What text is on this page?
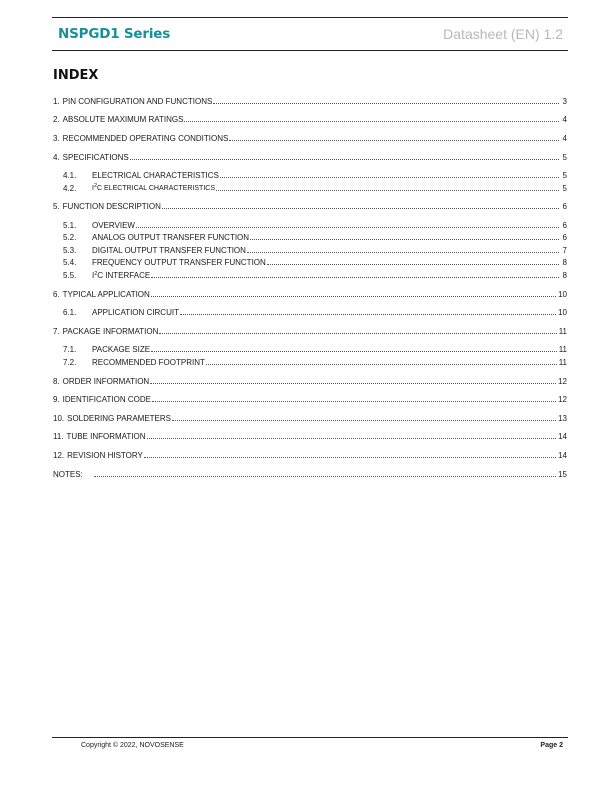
NSPGD1 Series	Datasheet (EN) 1.2
INDEX
1. PIN CONFIGURATION AND FUNCTIONS	3
2. ABSOLUTE MAXIMUM RATINGS	4
3. RECOMMENDED OPERATING CONDITIONS	4
4. SPECIFICATIONS	5
4.1.	ELECTRICAL CHARACTERISTICS	5
4.2.	$I^2C$ ELECTRICAL CHARACTERISTICS	5
5. FUNCTION DESCRIPTION	6
5.1.	OVERVIEW	6
5.2.	ANALOG OUTPUT TRANSFER FUNCTION	6
5.3.	DIGITAL OUTPUT TRANSFER FUNCTION	7
5.4.	FREQUENCY OUTPUT TRANSFER FUNCTION	8
5.5.	$I^2C$ INTERFACE	8
6. TYPICAL APPLICATION	10
6.1.	APPLICATION CIRCUIT	10
7. PACKAGE INFORMATION	11
7.1.	PACKAGE SIZE	11
7.2.	RECOMMENDED FOOTPRINT	11
8. ORDER INFORMATION	12
9. IDENTIFICATION CODE	12
10. SOLDERING PARAMETERS	13
11. TUBE INFORMATION	14
12. REVISION HISTORY	14
NOTES:	15
Copyright © 2022, NOVOSENSE	Page 2
